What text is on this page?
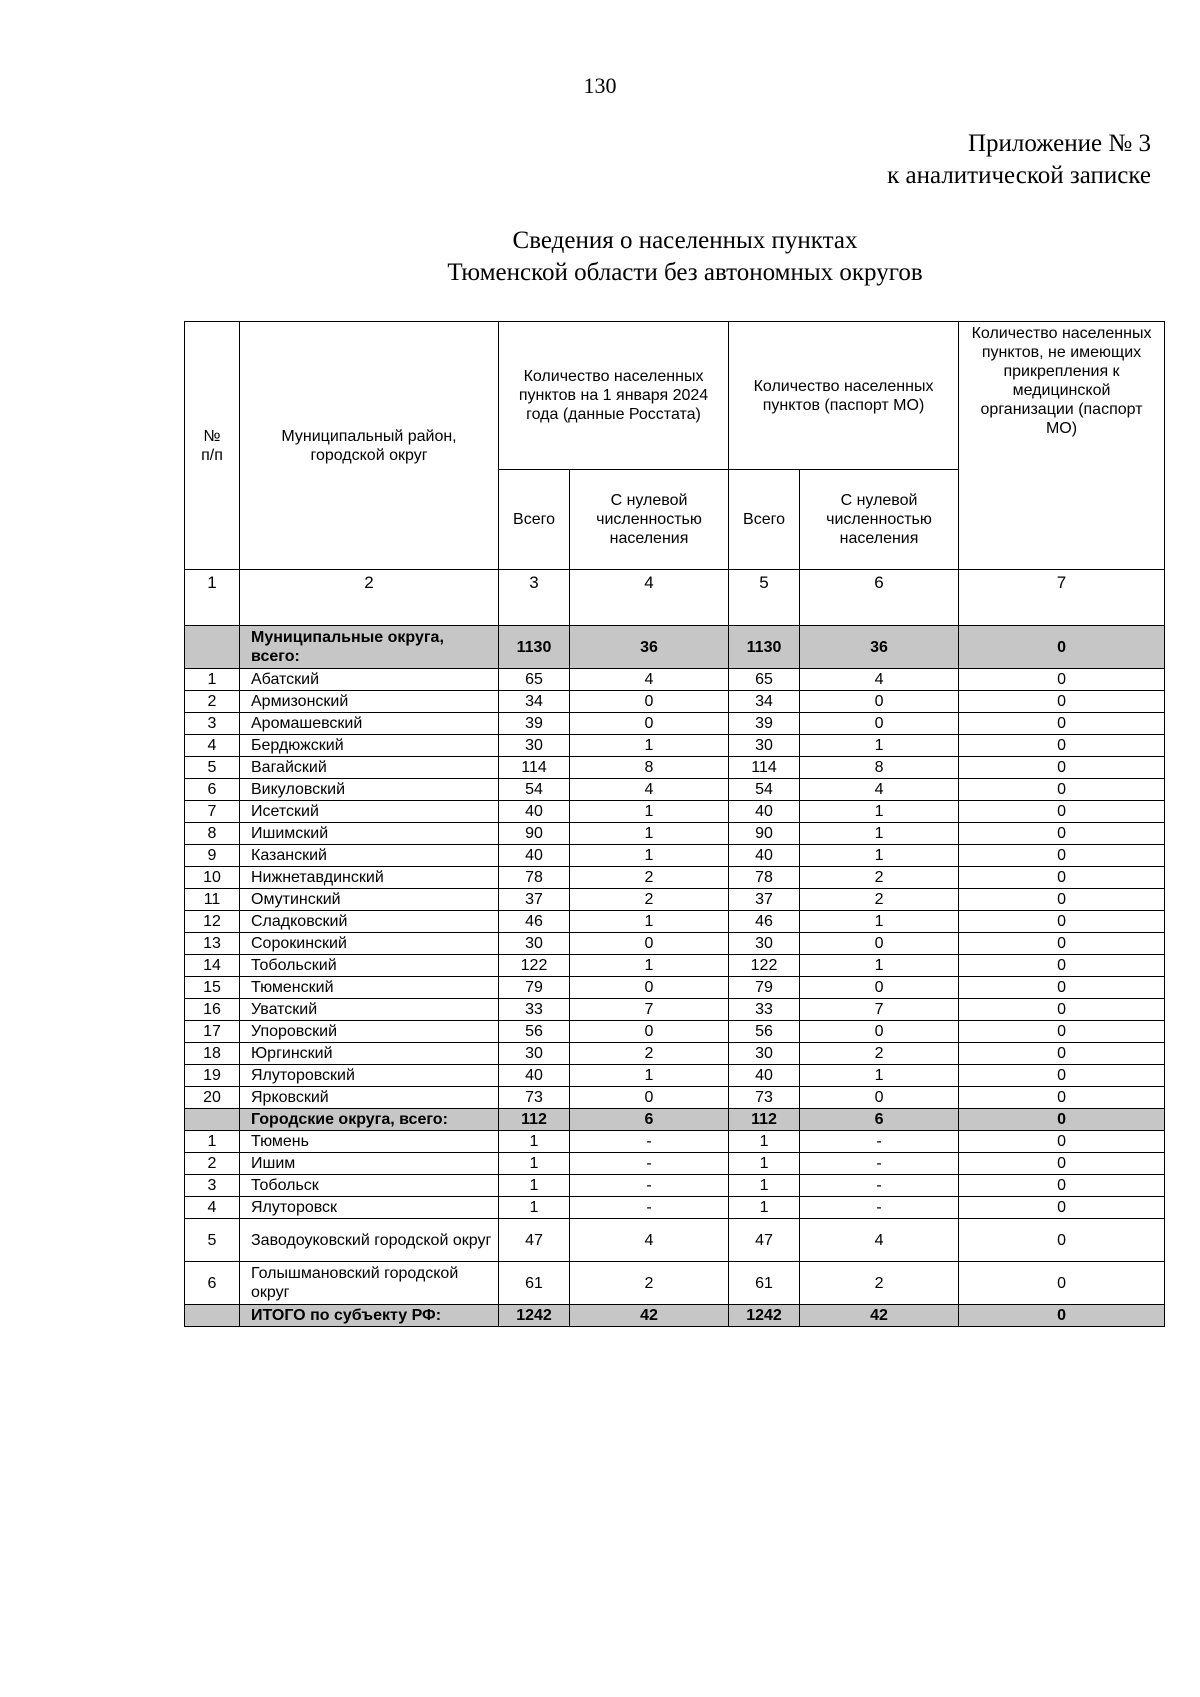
130
Приложение № 3
к аналитической записке
Сведения о населенных пунктах
Тюменской области без автономных округов
№ п/п	Муниципальный район, городской округ	Количество населенных пунктов на 1 января 2024 года (данные Росстата)		Количество населенных пунктов (паспорт МО)		Количество населенных пунктов, не имеющих прикрепления к медицинской организации (паспорт МО)
		Всего	С нулевой численностью населения	Всего	С нулевой численностью населения	
1	2	3	4	5	6	7
	Муниципальные округа, всего:	1130	36	1130	36	0
1	Абатский	65	4	65	4	0
2	Армизонский	34	0	34	0	0
3	Аромашевский	39	0	39	0	0
4	Бердюжский	30	1	30	1	0
5	Вагайский	114	8	114	8	0
6	Викуловский	54	4	54	4	0
7	Исетский	40	1	40	1	0
8	Ишимский	90	1	90	1	0
9	Казанский	40	1	40	1	0
10	Нижнетавдинский	78	2	78	2	0
11	Омутинский	37	2	37	2	0
12	Сладковский	46	1	46	1	0
13	Сорокинский	30	0	30	0	0
14	Тобольский	122	1	122	1	0
15	Тюменский	79	0	79	0	0
16	Уватский	33	7	33	7	0
17	Упоровский	56	0	56	0	0
18	Юргинский	30	2	30	2	0
19	Ялуторовский	40	1	40	1	0
20	Ярковский	73	0	73	0	0
	Городские округа, всего:	112	6	112	6	0
1	Тюмень	1	-	1	-	0
2	Ишим	1	-	1	-	0
3	Тобольск	1	-	1	-	0
4	Ялуторовск	1	-	1	-	0
5	Заводоуковский городской округ	47	4	47	4	0
6	Голышмановский городской округ	61	2	61	2	0
	ИТОГО по субъекту РФ:	1242	42	1242	42	0
